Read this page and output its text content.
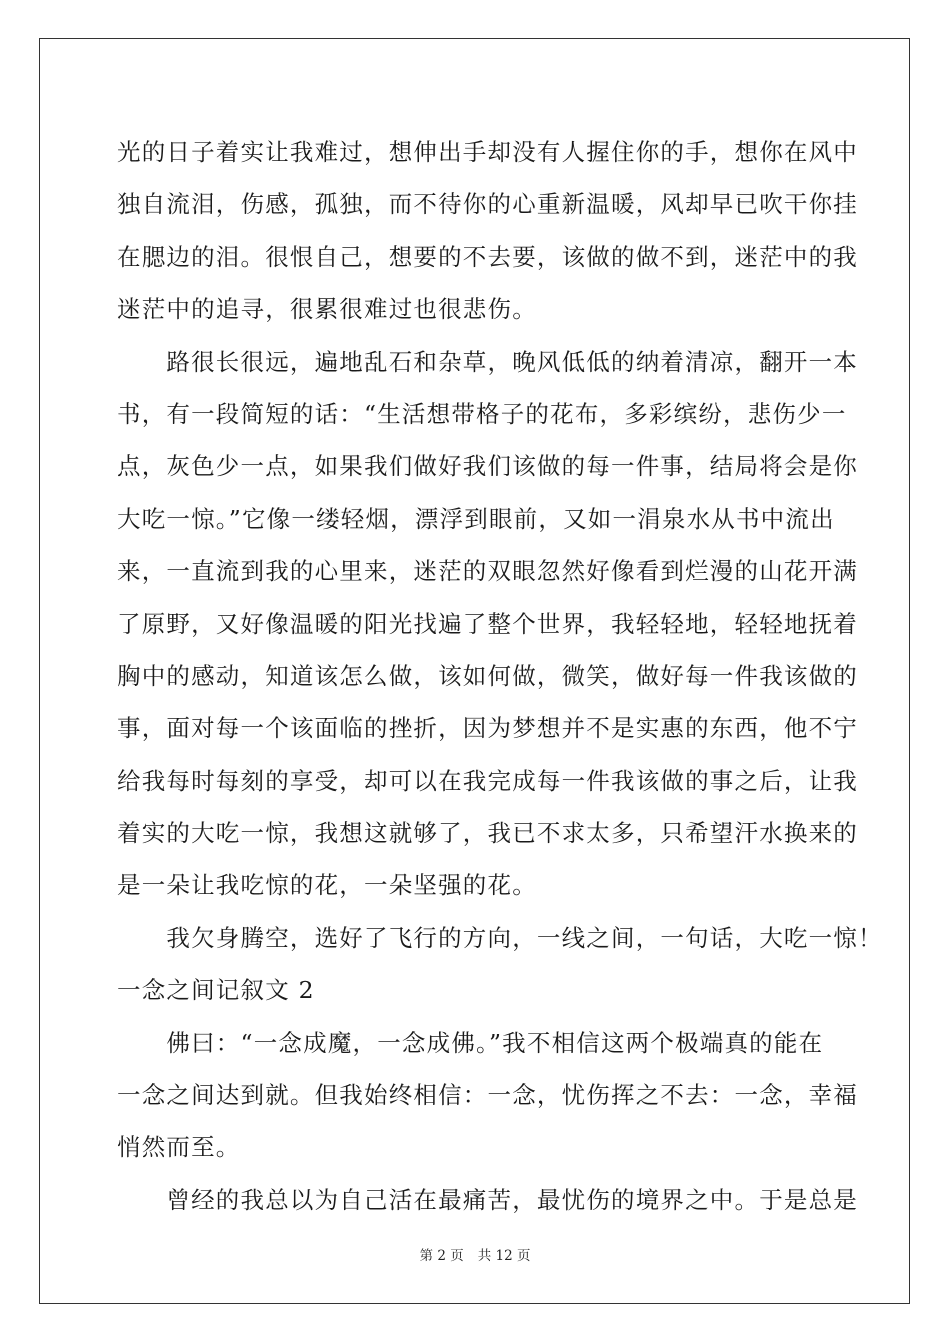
光的日子着实让我难过，想伸出手却没有人握住你的手，想你在风中
独自流泪，伤感，孤独，而不待你的心重新温暖，风却早已吹干你挂
在腮边的泪。很恨自己，想要的不去要，该做的做不到，迷茫中的我
迷茫中的追寻，很累很难过也很悲伤。
　　路很长很远，遍地乱石和杂草，晚风低低的纳着清凉，翻开一本
书，有一段简短的话：“生活想带格子的花布，多彩缤纷，悲伤少一
点，灰色少一点，如果我们做好我们该做的每一件事，结局将会是你
大吃一惊。”它像一缕轻烟，漂浮到眼前，又如一涓泉水从书中流出
来，一直流到我的心里来，迷茫的双眼忽然好像看到烂漫的山花开满
了原野，又好像温暖的阳光找遍了整个世界，我轻轻地，轻轻地抚着
胸中的感动，知道该怎么做，该如何做，微笑，做好每一件我该做的
事，面对每一个该面临的挫折，因为梦想并不是实惠的东西，他不宁
给我每时每刻的享受，却可以在我完成每一件我该做的事之后，让我
着实的大吃一惊，我想这就够了，我已不求太多，只希望汗水换来的
是一朵让我吃惊的花，一朵坚强的花。
　　我欠身腾空，选好了飞行的方向，一线之间，一句话，大吃一惊！
一念之间记叙文 2
　　佛曰：“一念成魔，一念成佛。”我不相信这两个极端真的能在
一念之间达到就。但我始终相信：一念，忧伤挥之不去：一念，幸福
悄然而至。
　　曾经的我总以为自己活在最痛苦，最忧伤的境界之中。于是总是
第 2 页 共 12 页
